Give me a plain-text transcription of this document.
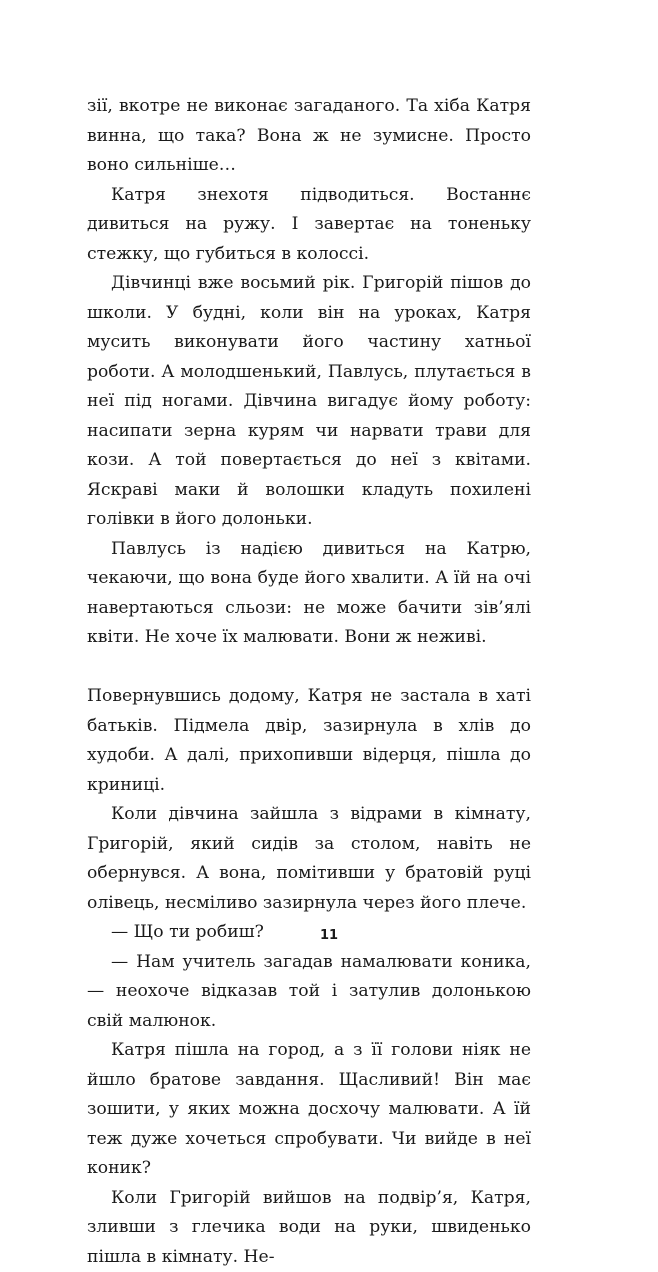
зії, вкотре не виконає загаданого. Та хіба Катря винна, що така? Вона ж не зумисне. Просто воно сильніше…

Катря знехотя підводиться. Востаннє дивиться на ружу. І завертає на тоненьку стежку, що губиться в колоссі.

Дівчинці вже восьмий рік. Григорій пішов до школи. У будні, коли він на уроках, Катря мусить виконувати його частину хатньої роботи. А молодшенький, Павлусь, плутається в неї під ногами. Дівчина вигадує йому роботу: насипати зерна курям чи нарвати трави для кози. А той повертається до неї з квітами. Яскраві маки й волошки кладуть похилені голівки в його долоньки.

Павлусь із надією дивиться на Катрю, чекаючи, що вона буде його хвалити. А їй на очі навертаються сльози: не може бачити зів’ялі квіти. Не хоче їх малювати. Вони ж неживі.

Повернувшись додому, Катря не застала в хаті батьків. Підмела двір, зазирнула в хлів до худоби. А далі, прихопивши відерця, пішла до криниці.

Коли дівчина зайшла з відрами в кімнату, Григорій, який сидів за столом, навіть не обернувся. А вона, помітивши у братовій руці олівець, несміливо зазирнула через його плече.

— Що ти робиш?

— Нам учитель загадав намалювати коника, — неохоче відказав той і затулив долонькою свій малюнок.

Катря пішла на город, а з її голови ніяк не йшло братове завдання. Щасливий! Він має зошити, у яких можна досхочу малювати. А їй теж дуже хочеться спробувати. Чи вийде в неї коник?

Коли Григорій вийшов на подвір’я, Катря, зливши з глечика води на руки, швиденько пішла в кімнату. Не-

11
